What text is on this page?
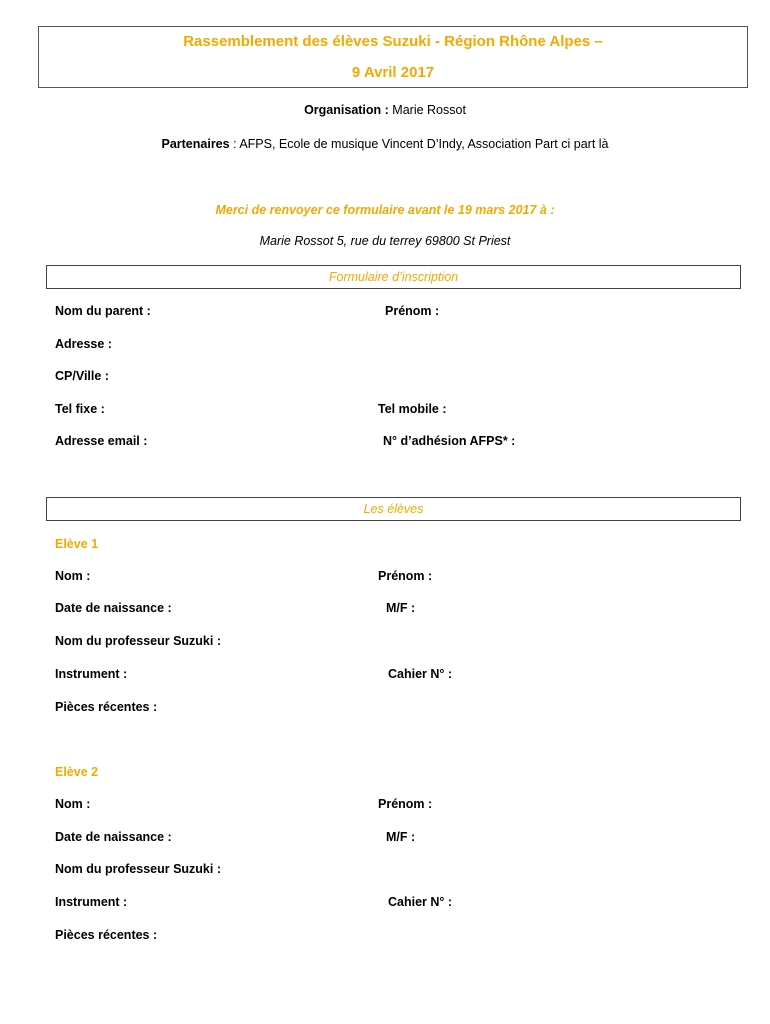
Rassemblement des élèves Suzuki - Région Rhône Alpes –
9 Avril 2017
Organisation : Marie Rossot
Partenaires : AFPS, Ecole de musique Vincent D’Indy, Association Part ci part là
Merci de renvoyer ce formulaire avant le 19 mars 2017 à :
Marie Rossot 5, rue du terrey 69800 St Priest
Formulaire d’inscription
Nom du parent :	Prénom :
Adresse :
CP/Ville :
Tel fixe :	Tel mobile :
Adresse email :	N° d’adhésion AFPS* :
Les élèves
Elève 1
Nom :	Prénom :
Date de naissance :	M/F :
Nom du professeur Suzuki :
Instrument :	Cahier N° :
Pièces récentes :
Elève 2
Nom :	Prénom :
Date de naissance :	M/F :
Nom du professeur Suzuki :
Instrument :	Cahier N° :
Pièces récentes :
